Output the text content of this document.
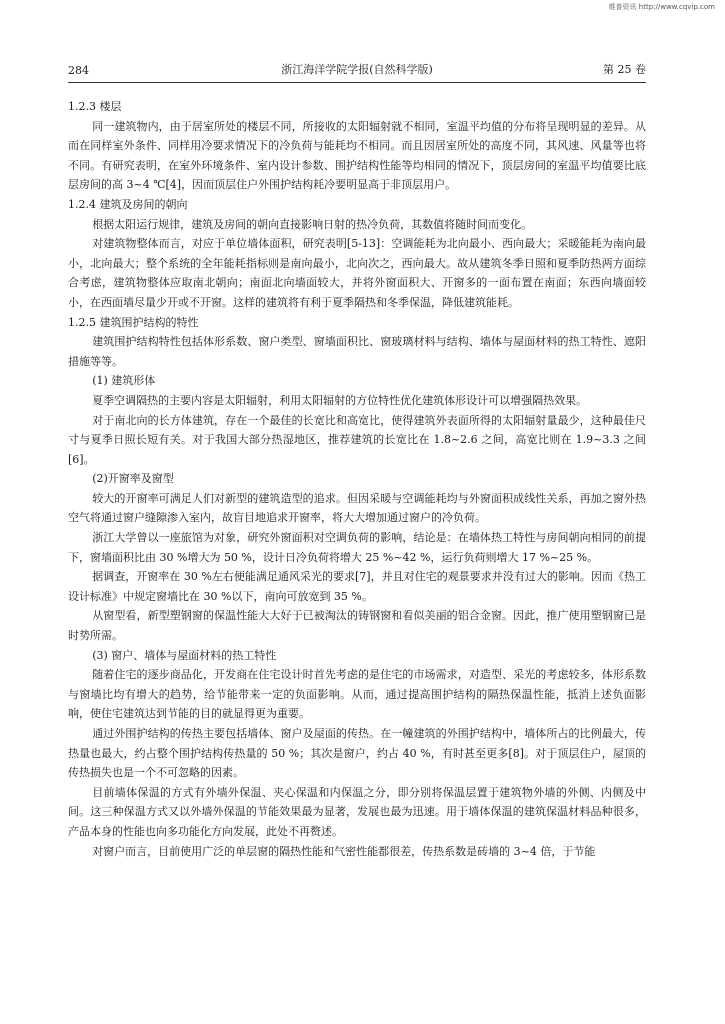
维普资讯 http://www.cqvip.com
284	浙江海洋学院学报(自然科学版)	第 25 卷

1.2.3 楼层

同一建筑物内，由于居室所处的楼层不同，所接收的太阳辐射就不相同，室温平均值的分布将呈现明显的差异。从而在同样室外条件、同样用冷要求情况下的冷负荷与能耗均不相同。而且因居室所处的高度不同，其风速、风量等也将不同。有研究表明，在室外环境条件、室内设计参数、围护结构性能等均相同的情况下，顶层房间的室温平均值要比底层房间的高 3~4 ℃[4]，因而顶层住户外围护结构耗冷要明显高于非顶层用户。

1.2.4 建筑及房间的朝向

根据太阳运行规律，建筑及房间的朝向直接影响日射的热冷负荷，其数值将随时间而变化。

对建筑物整体而言，对应于单位墙体面积，研究表明[5-13]：空调能耗为北向最小、西向最大；采暖能耗为南向最小，北向最大；整个系统的全年能耗指标则是南向最小，北向次之，西向最大。故从建筑冬季日照和夏季防热两方面综合考虑，建筑物整体应取南北朝向；南面北向墙面较大，并将外窗面积大、开窗多的一面布置在南面；东西向墙面较小，在西面墙尽量少开或不开窗。这样的建筑将有利于夏季隔热和冬季保温，降低建筑能耗。

1.2.5 建筑围护结构的特性

建筑围护结构特性包括体形系数、窗户类型、窗墙面积比、窗玻璃材料与结构、墙体与屋面材料的热工特性、遮阳措施等等。

(1) 建筑形体

夏季空调隔热的主要内容是太阳辐射，利用太阳辐射的方位特性优化建筑体形设计可以增强隔热效果。

对于南北向的长方体建筑，存在一个最佳的长宽比和高宽比，使得建筑外表面所得的太阳辐射量最少，这种最佳尺寸与夏季日照长短有关。对于我国大部分热湿地区，推荐建筑的长宽比在 1.8~2.6 之间，高宽比则在 1.9~3.3 之间[6]。

(2)开窗率及窗型

较大的开窗率可满足人们对新型的建筑造型的追求。但因采暖与空调能耗均与外窗面积成线性关系，再加之窗外热空气将通过窗户缝隙渗入室内，故盲目地追求开窗率，将大大增加通过窗户的冷负荷。

浙江大学曾以一座旅馆为对象，研究外窗面积对空调负荷的影响，结论是：在墙体热工特性与房间朝向相同的前提下，窗墙面积比由 30 %增大为 50 %，设计日冷负荷将增大 25 %~42 %，运行负荷则增大 17 %~25 %。

据调查，开窗率在 30 %左右便能满足通风采光的要求[7]，并且对住宅的观景要求并没有过大的影响。因而《热工设计标准》中规定窗墙比在 30 %以下，南向可放宽到 35 %。

从窗型看，新型塑钢窗的保温性能大大好于已被淘汰的铸钢窗和看似美丽的铝合金窗。因此，推广使用塑钢窗已是时势所需。

(3) 窗户、墙体与屋面材料的热工特性

随着住宅的逐步商品化，开发商在住宅设计时首先考虑的是住宅的市场需求，对造型、采光的考虑较多，体形系数与窗墙比均有增大的趋势，给节能带来一定的负面影响。从而，通过提高围护结构的隔热保温性能，抵消上述负面影响，使住宅建筑达到节能的目的就显得更为重要。

通过外围护结构的传热主要包括墙体、窗户及屋面的传热。在一幢建筑的外围护结构中，墙体所占的比例最大，传热量也最大，约占整个围护结构传热量的 50 %；其次是窗户，约占 40 %，有时甚至更多[8]。对于顶层住户，屋顶的传热损失也是一个不可忽略的因素。

目前墙体保温的方式有外墙外保温、夹心保温和内保温之分，即分别将保温层置于建筑物外墙的外侧、内侧及中间。这三种保温方式又以外墙外保温的节能效果最为显著，发展也最为迅速。用于墙体保温的建筑保温材料品种很多，产品本身的性能也向多功能化方向发展，此处不再赘述。

对窗户而言，目前使用广泛的单层窗的隔热性能和气密性能都很差，传热系数是砖墙的 3~4 倍，于节能
